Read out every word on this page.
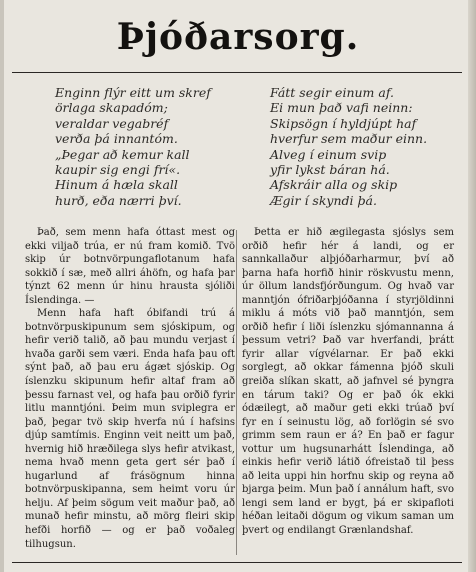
Þjóðarsorg.
Enginn flýr eitt um skref
örlaga skapadóm;
veraldar vegabréf
verða þá innantóm.
„Þegar að kemur kall
kaupir sig engi frí«.
Hinum á hæla skall
hurð, eða nærri því.
Fátt segir einum af.
Ei mun það vafi neinn:
Skipsögn í hyldjúpt haf
hverfur sem maður einn.
Alveg í einum svip
yfir lykst báran há.
Afskráir alla og skip
Ægir í skyndi þá.

Það, sem menn hafa óttast mest og ekki viljað trúa, er nú fram komið. Tvö skip úr botnvörpungaflotanum hafa sokkið í sæ, með allri áhöfn, og hafa þar týnzt 62 menn úr hinu hrausta sjóliði Íslendinga. —

Menn hafa haft óbifandi trú á botnvörpuskipunum sem sjóskipum, og hefir verið talið, að þau mundu verjast í hvaða garði sem væri. Enda hafa þau oft sýnt það, að þau eru ágæt sjóskip. Og íslenzku skipunum hefir altaf fram að þessu farnast vel, og hafa þau orðið fyrir litlu manntjóni. Þeim mun sviplegra er það, þegar tvö skip hverfa nú í hafsins djúp samtímis. Enginn veit neitt um það, hvernig hið hræðilega slys hefir atvikast, nema hvað menn geta gert sér það í hugarlund af frásögnum hinna botnvörpuskipanna, sem heimt voru úr helju. Af þeim sögum veit maður það, að munað hefir minstu, að mörg fleiri skip hefði horfið — og er það voðaleg tilhugsun.

Þetta er hið ægilegasta sjóslys sem orðið hefir hér á landi, og er sannkallaður alþjóðarharmur, því að þarna hafa horfið hinir röskvustu menn, úr öllum landsfjórðungum. Og hvað var manntjón ófriðarþjóðanna í styrjöldinni miklu á móts við það manntjón, sem orðið hefir í liði íslenzku sjómannanna á þessum vetri? Það var hverfandi, þrátt fyrir allar vígvélarnar. Er það ekki sorglegt, að okkar fámenna þjóð skuli greiða slíkan skatt, að jafnvel sé þyngra en tárum taki? Og er það ók ekki ódæilegt, að maður geti ekki trúað því fyr en í seinustu lög, að forlögin sé svo grimm sem raun er á? En það er fagur vottur um hugsunarhátt Íslendinga, að einkis hefir verið látið ófreistað til þess að leita uppi hin horfnu skip og reyna að bjarga þeim. Mun það í annálum haft, svo lengi sem land er bygt, þá er skipafloti héðan leitaði dögum og vikum saman um þvert og endilangt Grænlandshaf.
